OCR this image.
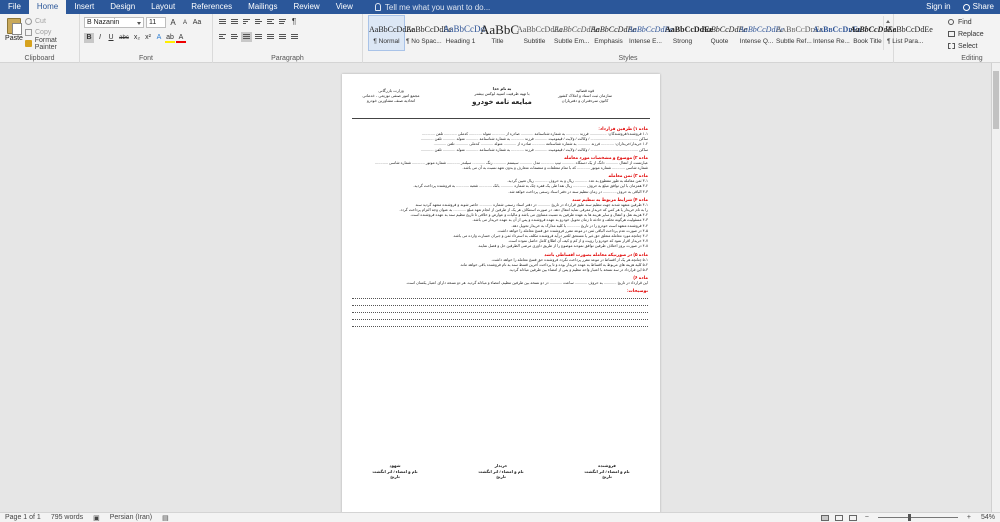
File	Home	Insert	Design	Layout	References	Mailings	Review	View	Tell me what you want to do...	Sign in	Share
Paste
Cut
Copy
Format Painter
Clipboard
B Nazanin	11	A	A Aa
B	I	U abc x₂ x² A ab A
Font
¶
Paragraph	Styles
AaBbCcDdEe
¶ Normal
AaBbCcDdEe
¶ No Spac...
AaBbCcDd
Heading 1
AaBbC
Title
AaBbCcDdEe
Subtitle
AaBbCcDdEe
Subtle Em...
AaBbCcDdEe
Emphasis
AaBbCcDdEe
Intense E...
AaBbCcDdEe
Strong
AaBbCcDdEe
Quote
AaBbCcDdEe
Intense Q...
AaBbCcDdEe
Subtle Ref...
AaBbCcDdEe
Intense Re...
AaBbCcDdEe
Book Title
AaBbCcDdEe
¶ List Para...
Find
Replace
Select
Editing
قوه قضائیه
سازمان ثبت اسناد و املاک کشور
کانون سردفتران و دفتریاران
به نام خدا
با تهیه ظرفیت اسپید لوکس بیشتر
مبایعه نامه خودرو
وزارت بازرگانی
مجمع امور صنفی توزیعی - خدماتی
اتحادیه صنف مشاورین خودرو
ماده ۱) طرفین قرارداد:
۱-۱ فروشنده/فروشندگان: ................ فرزند ............ به شماره شناسنامه ............ صادره از ............ متولد ............ کدملی ............ تلفن ............
ساکن ............................................. / وکالت / ولایت / قیمومیت ............ فرزند ............ به شماره شناسنامه ............ متولد ............ تلفن ............
۱-۲ خریدار/خریداران: ............ فرزند ............ به شماره شناسنامه ............ صادره از ............ متولد ............ کدملی ............ تلفن ............
ساکن ............................................. / وکالت / ولایت / قیمومیت ............ فرزند ............ به شماره شناسنامه ............ متولد ............ تلفن ............
ماده ۲) موضوع و مشخصات مورد معامله
عبارتست از انتقال ............ دانگ از یک دستگاه ............ تیپ ............ مدل ............ سیستم ............ رنگ ............ سیلندر ............ شماره موتور ............ شماره شاسی ............
شماره شاسی ............ شماره موتور ............ که با تمام متعلقات و منضمات متعارف و بدون تعهد نسبت به آن می باشد.
ماده ۳) ثمن معامله
۳-۱ ثمن معامله به طور مقطوع به عدد ............ ریال و به حروف ............ ریال تعیین گردید.
۳-۲ همزمان با این توافق مبلغ به حروف ............ ریال نقدا طی یک فقره چک به شماره ............ بانک ............ شعبه ............ به فروشنده پرداخت گردید.
۳-۳ الباقی به حروف ............ در زمان تنظیم سند در دفتر اسناد رسمی پرداخت خواهد شد.
ماده ۴) شرایط مربوط به تنظیم سند
۴-۱ طرفین متعهد شدند جهت تنظیم سند طبق قرارداد در تاریخ ............ در دفتر اسناد رسمی شماره ............ حاضر شوند و فروشنده متعهد گردید سند
را به نام خریدار یا هر کس که خریدار معرفی نماید انتقال دهد. در صورت استنکاف هر یک از طرفین از انجام تعهد مبلغ ............ به عنوان وجه التزام پرداخت گردد.
۴-۲ هزینه نقل و انتقال و سایر هزینه ها به عهده طرفین به نسبت مساوی می باشد و مالیات و عوارض و خلافی تا تاریخ تنظیم سند به عهده فروشنده است.
۴-۳ مسئولیت هرگونه تخلف و حادثه تا زمان تحویل خودرو به عهده فروشنده و پس از آن به عهده خریدار می باشد.
۴-۴ فروشنده متعهد است خودرو را در تاریخ ............ با کلیه مدارک به خریدار تحویل دهد.
۴-۵ در صورت عدم پرداخت الباقی ثمن در موعد مقرر فروشنده حق فسخ معامله را خواهد داشت.
۴-۶ چنانچه مورد معامله متعلق حق غیر یا مستحق للغیر درآید فروشنده مکلف به استرداد ثمن و جبران خسارت وارده می باشد.
۴-۷ خریدار اقرار نمود که خودرو را رویت و از کم و کیف آن اطلاع کامل حاصل نموده است.
۴-۸ در صورت بروز اختلاف طرفین توافق نمودند موضوع را از طریق داوری مرضی الطرفین حل و فصل نمایند.
ماده ۵) در صورتیکه معامله بصورت اقساطی باشد
۵-۱ چنانچه هر یک از اقساط در موعد مقرر پرداخت نگردد فروشنده حق فسخ معامله را خواهد داشت.
۵-۲ کلیه هزینه های مربوط به اقساط به عهده خریدار بوده و تا پرداخت آخرین قسط سند به نام فروشنده باقی خواهد ماند.
۵-۳ این قرارداد در سه نسخه با اعتبار واحد تنظیم و پس از امضاء بین طرفین مبادله گردید.
ماده ۶)
این قرارداد در تاریخ ............ به حروف ............ ساعت ............ در دو نسخه بین طرفین تنظیم، امضاء و مبادله گردید. هر دو نسخه دارای اعتبار یکسان است.
توضیحات:
فروشنده
نام و امضاء / اثر انگشت
تاریخ
خریدار
نام و امضاء / اثر انگشت
تاریخ
شهود
نام و امضاء / اثر انگشت
تاریخ
Page 1 of 1	795 words	▣	Persian (Iran)	▤	−	+	54%
